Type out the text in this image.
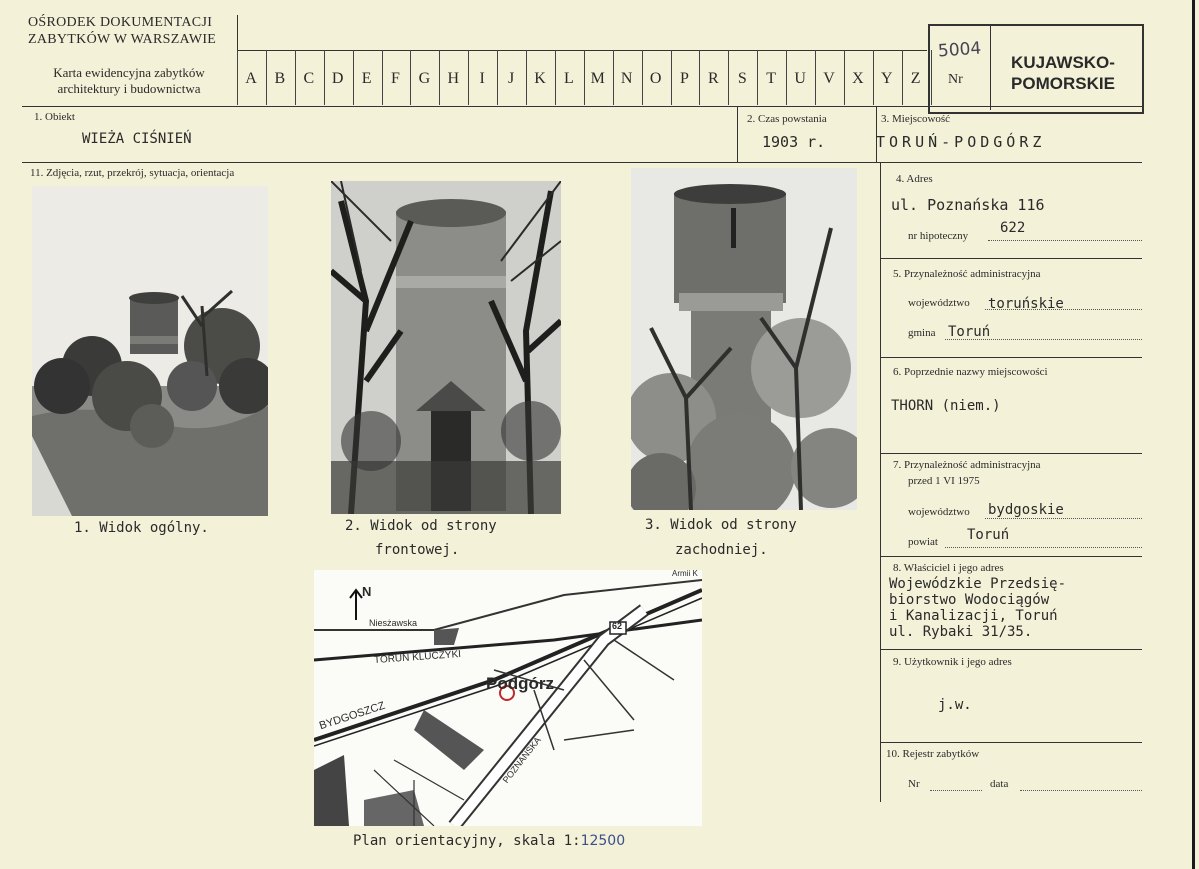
OŚRODEK DOKUMENTACJI
ZABYTKÓW W WARSZAWIE
Karta ewidencyjna zabytków
architektury i budownictwa
A	B	C	D	E	F	G	H	I	J	K	L	M	N	O	P	R	S	T	U	V	X	Y	Z
5004
Nr
KUJAWSKO-
POMORSKIE
1. Obiekt
WIEŻA CIŚNIEŃ
2. Czas powstania
1903 r.
3. Miejscowość
TORUŃ-PODGÓRZ
11. Zdjęcia, rzut, przekrój, sytuacja, orientacja
1. Widok ogólny.	2. Widok od strony
frontowej.
3. Widok od strony
zachodniej.
N
Podgórz
TORUŃ KLUCZYKI
BYDGOSZCZ
Niesżawska
POZNAŃSKA
Armii K
62
Plan orientacyjny, skala 1:12500
4. Adres
ul. Poznańska 116
nr hipoteczny 622
5. Przynależność administracyjna
województwo toruńskie
gmina Toruń
6. Poprzednie nazwy miejscowości
THORN (niem.)
7. Przynależność administracyjna
przed 1 VI 1975
województwo bydgoskie
powiat Toruń
8. Właściciel i jego adres
Wojewódzkie Przedsię-
biorstwo Wodociągów
i Kanalizacji, Toruń
ul. Rybaki 31/35.
9. Użytkownik i jego adres
j.w.
10. Rejestr zabytków
Nr	data
